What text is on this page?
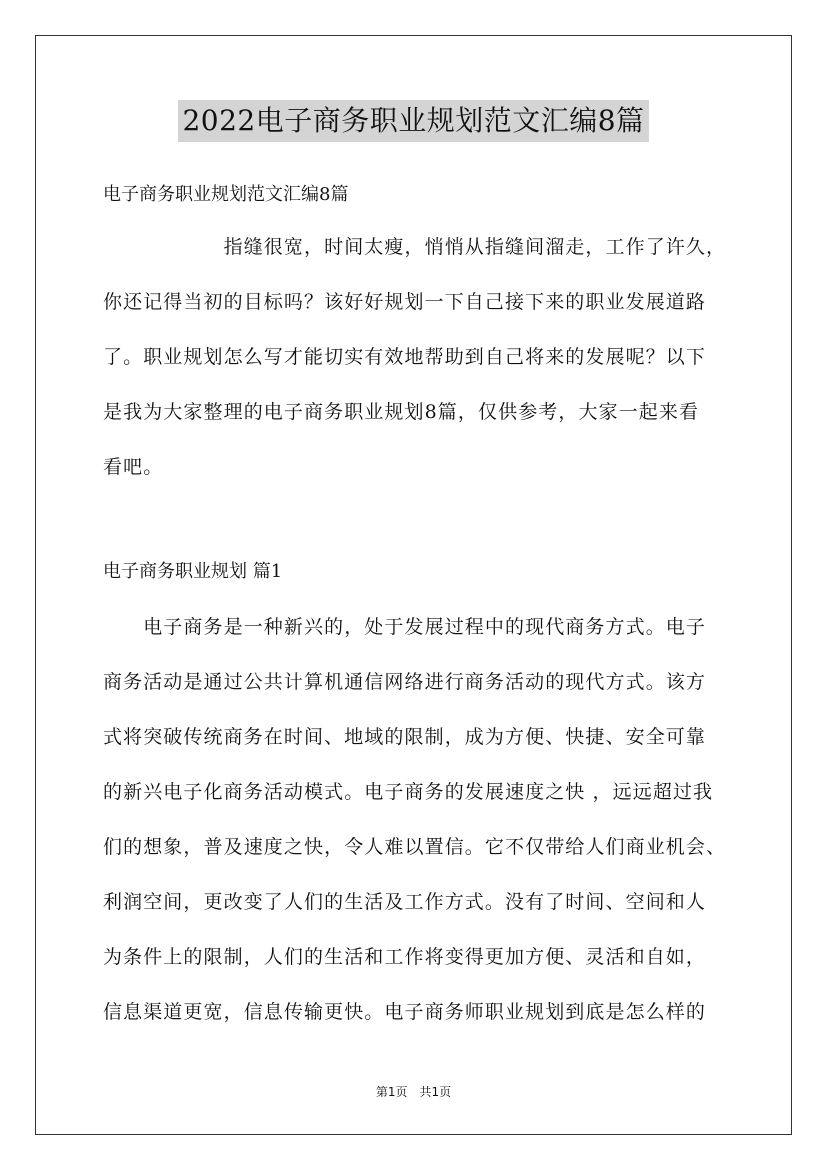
2022电子商务职业规划范文汇编8篇
电子商务职业规划范文汇编8篇
　　　　　　指缝很宽，时间太瘦，悄悄从指缝间溜走，工作了许久，
你还记得当初的目标吗？该好好规划一下自己接下来的职业发展道路
了。职业规划怎么写才能切实有效地帮助到自己将来的发展呢？以下
是我为大家整理的电子商务职业规划8篇，仅供参考，大家一起来看
看吧。
电子商务职业规划 篇1
　　电子商务是一种新兴的，处于发展过程中的现代商务方式。电子
商务活动是通过公共计算机通信网络进行商务活动的现代方式。该方
式将突破传统商务在时间、地域的限制，成为方便、快捷、安全可靠
的新兴电子化商务活动模式。电子商务的发展速度之快 ，远远超过我
们的想象，普及速度之快，令人难以置信。它不仅带给人们商业机会、
利润空间，更改变了人们的生活及工作方式。没有了时间、空间和人
为条件上的限制，人们的生活和工作将变得更加方便、灵活和自如，
信息渠道更宽，信息传输更快。电子商务师职业规划到底是怎么样的
第1页　共1页
